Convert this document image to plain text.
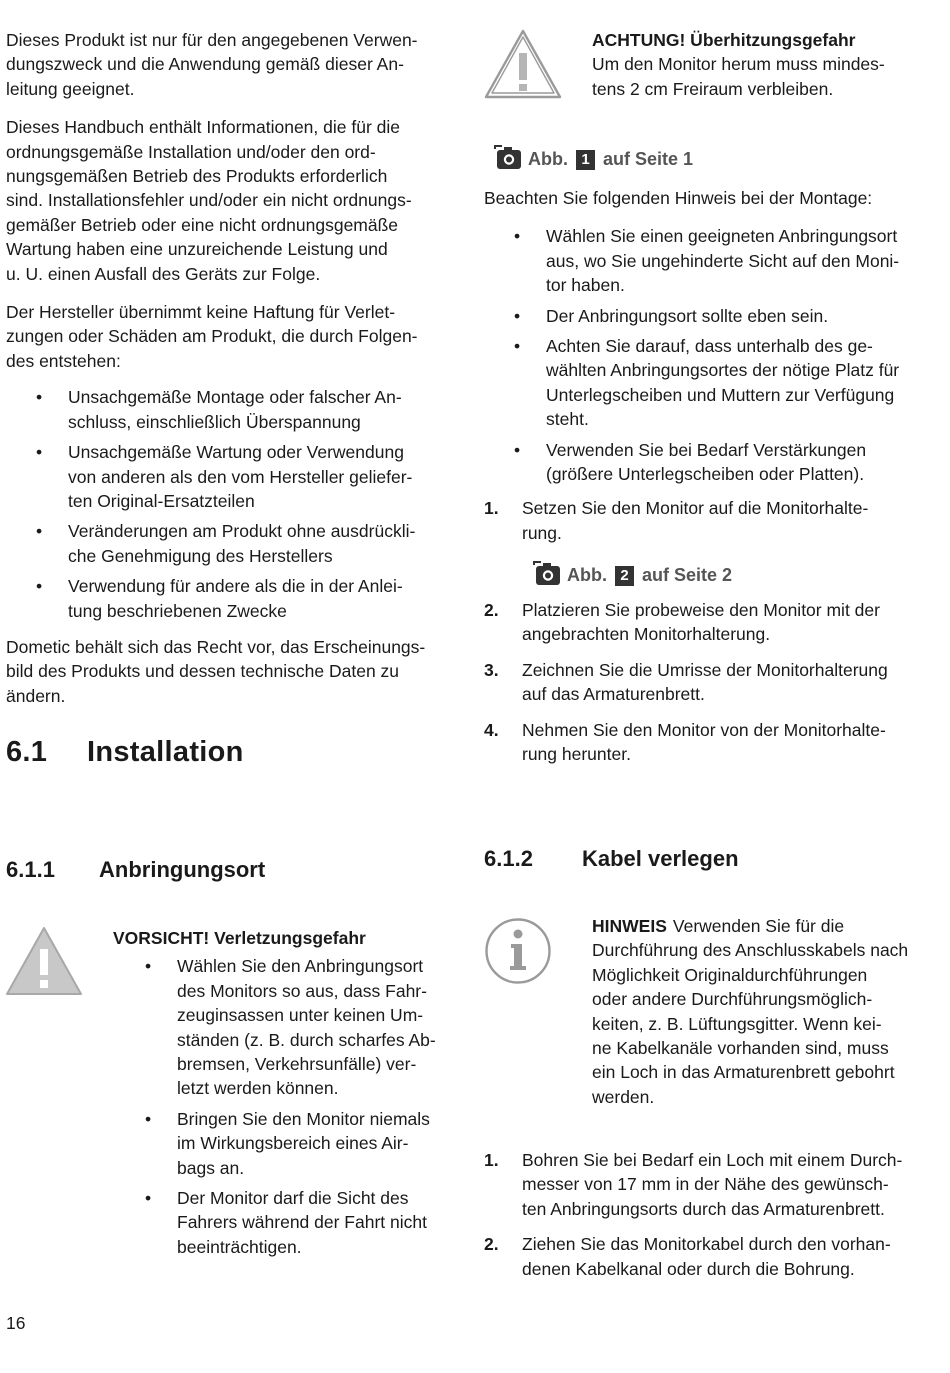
Dieses Produkt ist nur für den angegebenen Verwen-
dungszweck und die Anwendung gemäß dieser An-
leitung geeignet.

Dieses Handbuch enthält Informationen, die für die
ordnungsgemäße Installation und/oder den ord-
nungsgemäßen Betrieb des Produkts erforderlich
sind. Installationsfehler und/oder ein nicht ordnungs-
gemäßer Betrieb oder eine nicht ordnungsgemäße
Wartung haben eine unzureichende Leistung und
u. U. einen Ausfall des Geräts zur Folge.

Der Hersteller übernimmt keine Haftung für Verlet-
zungen oder Schäden am Produkt, die durch Folgen-
des entstehen:

• Unsachgemäße Montage oder falscher An-
schluss, einschließlich Überspannung
• Unsachgemäße Wartung oder Verwendung
von anderen als den vom Hersteller geliefer-
ten Original-Ersatzteilen
• Veränderungen am Produkt ohne ausdrückli-
che Genehmigung des Herstellers
• Verwendung für andere als die in der Anlei-
tung beschriebenen Zwecke

Dometic behält sich das Recht vor, das Erscheinungs-
bild des Produkts und dessen technische Daten zu
ändern.

6.1 Installation
6.1.1 Anbringungsort

VORSICHT! Verletzungsgefahr

• Wählen Sie den Anbringungsort
des Monitors so aus, dass Fahr-
zeuginsassen unter keinen Um-
ständen (z. B. durch scharfes Ab-
bremsen, Verkehrsunfälle) ver-
letzt werden können.
• Bringen Sie den Monitor niemals
im Wirkungsbereich eines Air-
bags an.
• Der Monitor darf die Sicht des
Fahrers während der Fahrt nicht
beeinträchtigen.
16

ACHTUNG! Überhitzungsgefahr

Um den Monitor herum muss mindes-
tens 2 cm Freiraum verbleiben.

Abb. 1 auf Seite 1

Beachten Sie folgenden Hinweis bei der Montage:

• Wählen Sie einen geeigneten Anbringungsort
aus, wo Sie ungehinderte Sicht auf den Moni-
tor haben.
• Der Anbringungsort sollte eben sein.
• Achten Sie darauf, dass unterhalb des ge-
wählten Anbringungsortes der nötige Platz für
Unterlegscheiben und Muttern zur Verfügung
steht.
• Verwenden Sie bei Bedarf Verstärkungen
(größere Unterlegscheiben oder Platten).
1. Setzen Sie den Monitor auf die Monitorhalte-
rung.
Abb. 2 auf Seite 2
2. Platzieren Sie probeweise den Monitor mit der
angebrachten Monitorhalterung.
3. Zeichnen Sie die Umrisse der Monitorhalterung
auf das Armaturenbrett.
4. Nehmen Sie den Monitor von der Monitorhalte-
rung herunter.
6.1.2 Kabel verlegen

HINWEIS Verwenden Sie für die
Durchführung des Anschlusskabels nach
Möglichkeit Originaldurchführungen
oder andere Durchführungsmöglich-
keiten, z. B. Lüftungsgitter. Wenn kei-
ne Kabelkanäle vorhanden sind, muss
ein Loch in das Armaturenbrett gebohrt
werden.

1. Bohren Sie bei Bedarf ein Loch mit einem Durch-
messer von 17 mm in der Nähe des gewünsch-
ten Anbringungsorts durch das Armaturenbrett.
2. Ziehen Sie das Monitorkabel durch den vorhan-
denen Kabelkanal oder durch die Bohrung.
